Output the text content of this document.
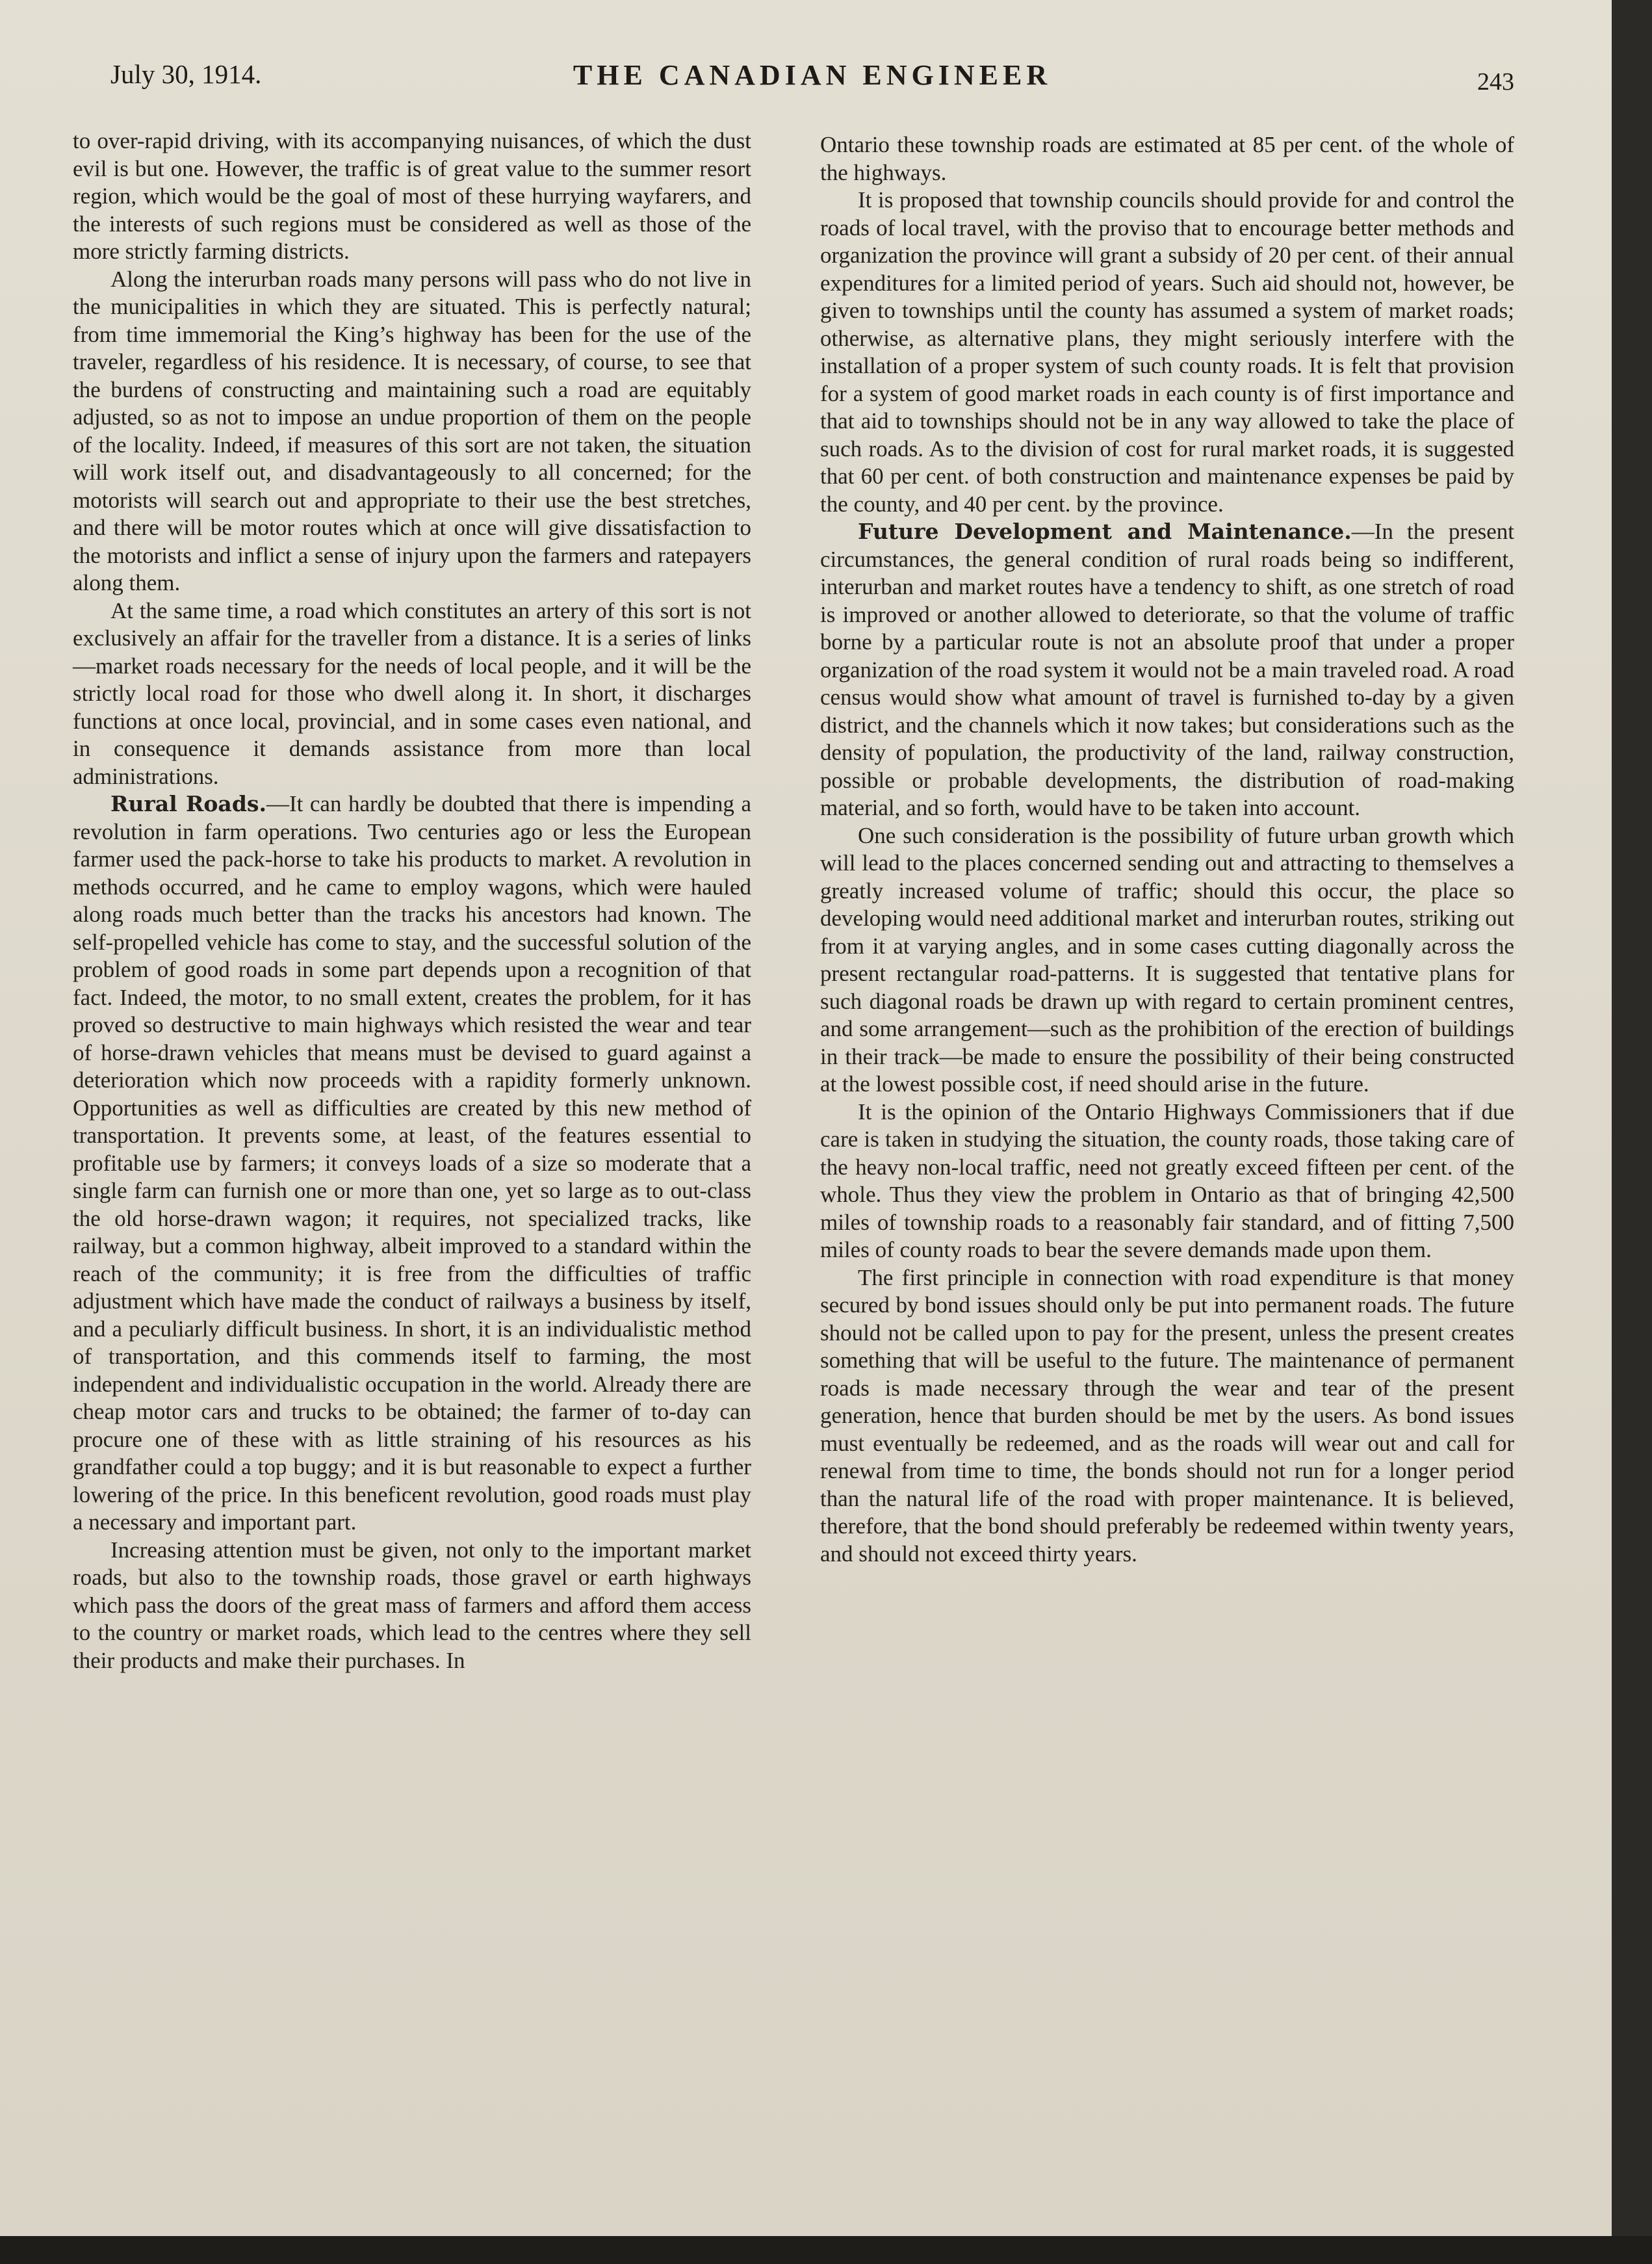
July 30, 1914.	THE CANADIAN ENGINEER	243

to over-rapid driving, with its accompanying nuisances, of which the dust evil is but one. However, the traffic is of great value to the summer resort region, which would be the goal of most of these hurrying wayfarers, and the interests of such regions must be considered as well as those of the more strictly farming districts.

Along the interurban roads many persons will pass who do not live in the municipalities in which they are situated. This is perfectly natural; from time immemorial the King’s highway has been for the use of the traveler, regardless of his residence. It is necessary, of course, to see that the burdens of constructing and maintaining such a road are equitably adjusted, so as not to impose an undue proportion of them on the people of the locality. Indeed, if measures of this sort are not taken, the situation will work itself out, and disadvantageously to all concerned; for the motorists will search out and appropriate to their use the best stretches, and there will be motor routes which at once will give dissatisfaction to the motorists and inflict a sense of injury upon the farmers and ratepayers along them.

At the same time, a road which constitutes an artery of this sort is not exclusively an affair for the traveller from a distance. It is a series of links—market roads necessary for the needs of local people, and it will be the strictly local road for those who dwell along it. In short, it discharges functions at once local, provincial, and in some cases even national, and in consequence it demands assistance from more than local administrations.

Rural Roads.—It can hardly be doubted that there is impending a revolution in farm operations. Two centuries ago or less the European farmer used the pack-horse to take his products to market. A revolution in methods occurred, and he came to employ wagons, which were hauled along roads much better than the tracks his ancestors had known. The self-propelled vehicle has come to stay, and the successful solution of the problem of good roads in some part depends upon a recognition of that fact. Indeed, the motor, to no small extent, creates the problem, for it has proved so destructive to main highways which resisted the wear and tear of horse-drawn vehicles that means must be devised to guard against a deterioration which now proceeds with a rapidity formerly unknown. Opportunities as well as difficulties are created by this new method of transportation. It prevents some, at least, of the features essential to profitable use by farmers; it conveys loads of a size so moderate that a single farm can furnish one or more than one, yet so large as to out-class the old horse-drawn wagon; it requires, not specialized tracks, like railway, but a common highway, albeit improved to a standard within the reach of the community; it is free from the difficulties of traffic adjustment which have made the conduct of railways a business by itself, and a peculiarly difficult business. In short, it is an individualistic method of transportation, and this commends itself to farming, the most independent and individualistic occupation in the world. Already there are cheap motor cars and trucks to be obtained; the farmer of to-day can procure one of these with as little straining of his resources as his grandfather could a top buggy; and it is but reasonable to expect a further lowering of the price. In this beneficent revolution, good roads must play a necessary and important part.

Increasing attention must be given, not only to the important market roads, but also to the township roads, those gravel or earth highways which pass the doors of the great mass of farmers and afford them access to the country or market roads, which lead to the centres where they sell their products and make their purchases. In

Ontario these township roads are estimated at 85 per cent. of the whole of the highways.

It is proposed that township councils should provide for and control the roads of local travel, with the proviso that to encourage better methods and organization the province will grant a subsidy of 20 per cent. of their annual expenditures for a limited period of years. Such aid should not, however, be given to townships until the county has assumed a system of market roads; otherwise, as alternative plans, they might seriously interfere with the installation of a proper system of such county roads. It is felt that provision for a system of good market roads in each county is of first importance and that aid to townships should not be in any way allowed to take the place of such roads. As to the division of cost for rural market roads, it is suggested that 60 per cent. of both construction and maintenance expenses be paid by the county, and 40 per cent. by the province.

Future Development and Maintenance.—In the present circumstances, the general condition of rural roads being so indifferent, interurban and market routes have a tendency to shift, as one stretch of road is improved or another allowed to deteriorate, so that the volume of traffic borne by a particular route is not an absolute proof that under a proper organization of the road system it would not be a main traveled road. A road census would show what amount of travel is furnished to-day by a given district, and the channels which it now takes; but considerations such as the density of population, the productivity of the land, railway construction, possible or probable developments, the distribution of road-making material, and so forth, would have to be taken into account.

One such consideration is the possibility of future urban growth which will lead to the places concerned sending out and attracting to themselves a greatly increased volume of traffic; should this occur, the place so developing would need additional market and interurban routes, striking out from it at varying angles, and in some cases cutting diagonally across the present rectangular road-patterns. It is suggested that tentative plans for such diagonal roads be drawn up with regard to certain prominent centres, and some arrangement—such as the prohibition of the erection of buildings in their track—be made to ensure the possibility of their being constructed at the lowest possible cost, if need should arise in the future.

It is the opinion of the Ontario Highways Commissioners that if due care is taken in studying the situation, the county roads, those taking care of the heavy non-local traffic, need not greatly exceed fifteen per cent. of the whole. Thus they view the problem in Ontario as that of bringing 42,500 miles of township roads to a reasonably fair standard, and of fitting 7,500 miles of county roads to bear the severe demands made upon them.

The first principle in connection with road expenditure is that money secured by bond issues should only be put into permanent roads. The future should not be called upon to pay for the present, unless the present creates something that will be useful to the future. The maintenance of permanent roads is made necessary through the wear and tear of the present generation, hence that burden should be met by the users. As bond issues must eventually be redeemed, and as the roads will wear out and call for renewal from time to time, the bonds should not run for a longer period than the natural life of the road with proper maintenance. It is believed, therefore, that the bond should preferably be redeemed within twenty years, and should not exceed thirty years.
